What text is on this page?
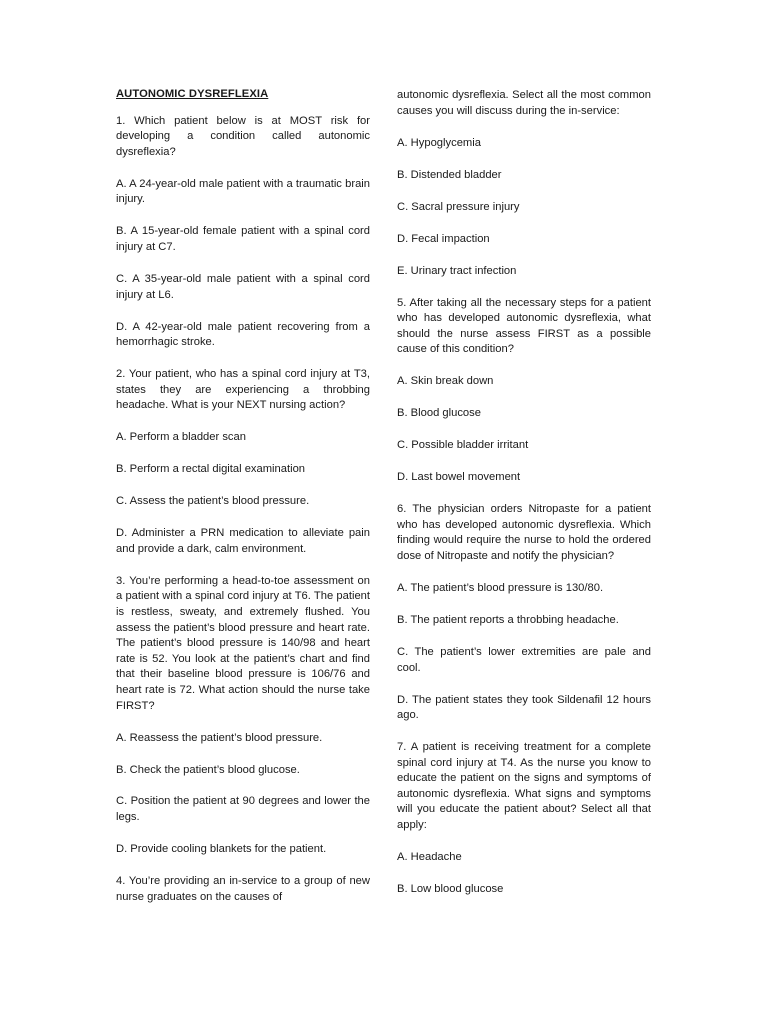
AUTONOMIC DYSREFLEXIA

1. Which patient below is at MOST risk for developing a condition called autonomic dysreflexia?

A. A 24-year-old male patient with a traumatic brain injury.

B. A 15-year-old female patient with a spinal cord injury at C7.

C. A 35-year-old male patient with a spinal cord injury at L6.

D. A 42-year-old male patient recovering from a hemorrhagic stroke.

2. Your patient, who has a spinal cord injury at T3, states they are experiencing a throbbing headache. What is your NEXT nursing action?

A. Perform a bladder scan

B. Perform a rectal digital examination

C. Assess the patient’s blood pressure.

D. Administer a PRN medication to alleviate pain and provide a dark, calm environment.

3. You’re performing a head-to-toe assessment on a patient with a spinal cord injury at T6. The patient is restless, sweaty, and extremely flushed. You assess the patient’s blood pressure and heart rate. The patient’s blood pressure is 140/98 and heart rate is 52. You look at the patient’s chart and find that their baseline blood pressure is 106/76 and heart rate is 72. What action should the nurse take FIRST?

A. Reassess the patient’s blood pressure.

B. Check the patient’s blood glucose.

C. Position the patient at 90 degrees and lower the legs.

D. Provide cooling blankets for the patient.

4. You’re providing an in-service to a group of new nurse graduates on the causes of

autonomic dysreflexia. Select all the most common causes you will discuss during the in-service:

A. Hypoglycemia

B. Distended bladder

C. Sacral pressure injury

D. Fecal impaction

E. Urinary tract infection

5. After taking all the necessary steps for a patient who has developed autonomic dysreflexia, what should the nurse assess FIRST as a possible cause of this condition?

A. Skin break down

B. Blood glucose

C. Possible bladder irritant

D. Last bowel movement

6. The physician orders Nitropaste for a patient who has developed autonomic dysreflexia. Which finding would require the nurse to hold the ordered dose of Nitropaste and notify the physician?

A. The patient’s blood pressure is 130/80.

B. The patient reports a throbbing headache.

C. The patient’s lower extremities are pale and cool.

D. The patient states they took Sildenafil 12 hours ago.

7. A patient is receiving treatment for a complete spinal cord injury at T4. As the nurse you know to educate the patient on the signs and symptoms of autonomic dysreflexia. What signs and symptoms will you educate the patient about? Select all that apply:

A. Headache

B. Low blood glucose
